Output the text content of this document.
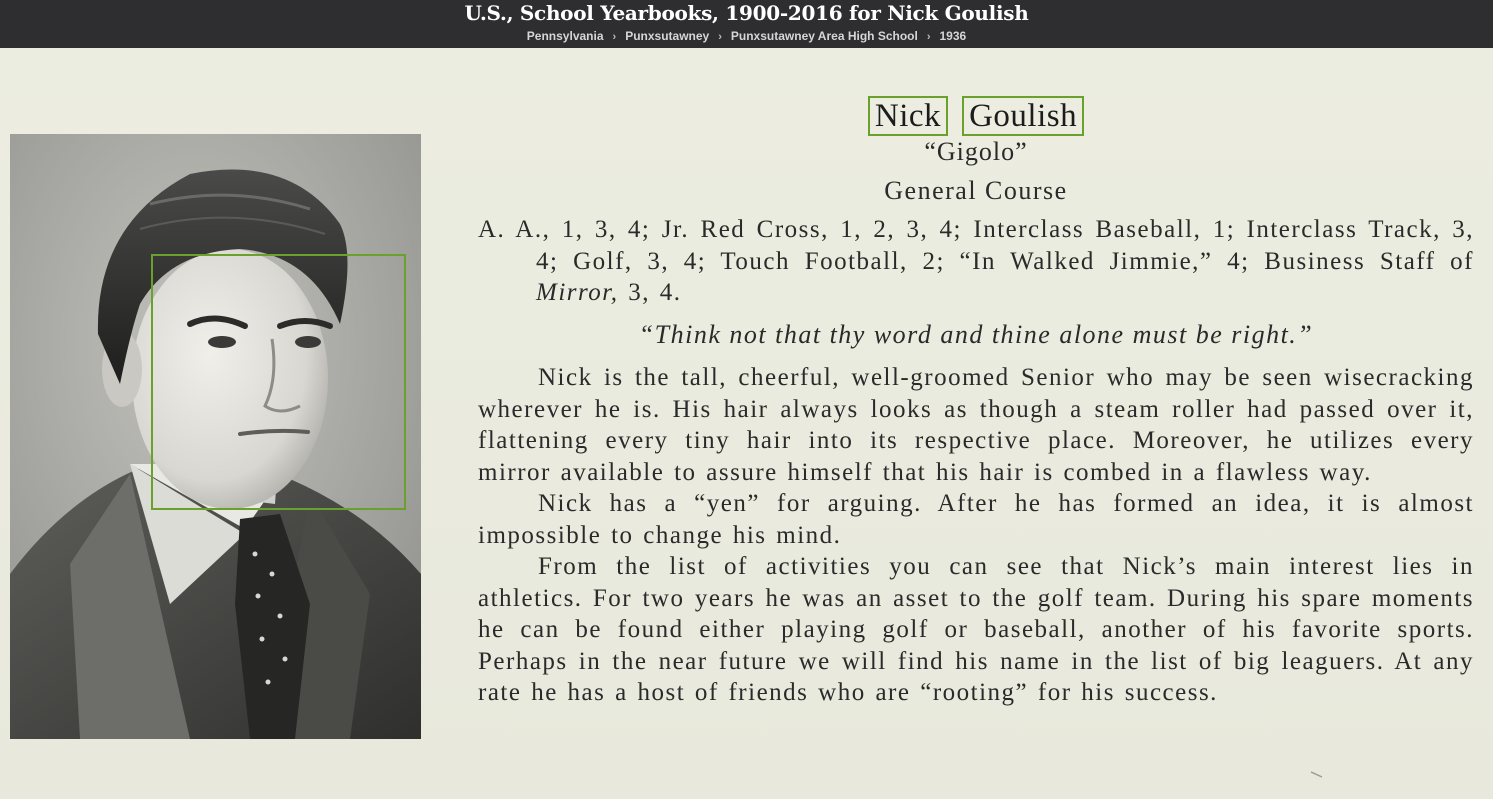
U.S., School Yearbooks, 1900-2016 for Nick Goulish
Pennsylvania › Punxsutawney › Punxsutawney Area High School › 1936
Nick Goulish
“Gigolo”
General Course
A. A., 1, 3, 4; Jr. Red Cross, 1, 2, 3, 4; Interclass Baseball, 1; Interclass Track, 3, 4; Golf, 3, 4; Touch Football, 2; “In Walked Jimmie,” 4; Business Staff of Mirror, 3, 4.
“Think not that thy word and thine alone must be right.”

Nick is the tall, cheerful, well-groomed Senior who may be seen wisecracking wherever he is. His hair always looks as though a steam roller had passed over it, flattening every tiny hair into its respective place. Moreover, he utilizes every mirror available to assure himself that his hair is combed in a flawless way.

Nick has a “yen” for arguing. After he has formed an idea, it is almost impossible to change his mind.

From the list of activities you can see that Nick’s main interest lies in athletics. For two years he was an asset to the golf team. During his spare moments he can be found either playing golf or baseball, another of his favorite sports. Perhaps in the near future we will find his name in the list of big leaguers. At any rate he has a host of friends who are “rooting” for his success.
